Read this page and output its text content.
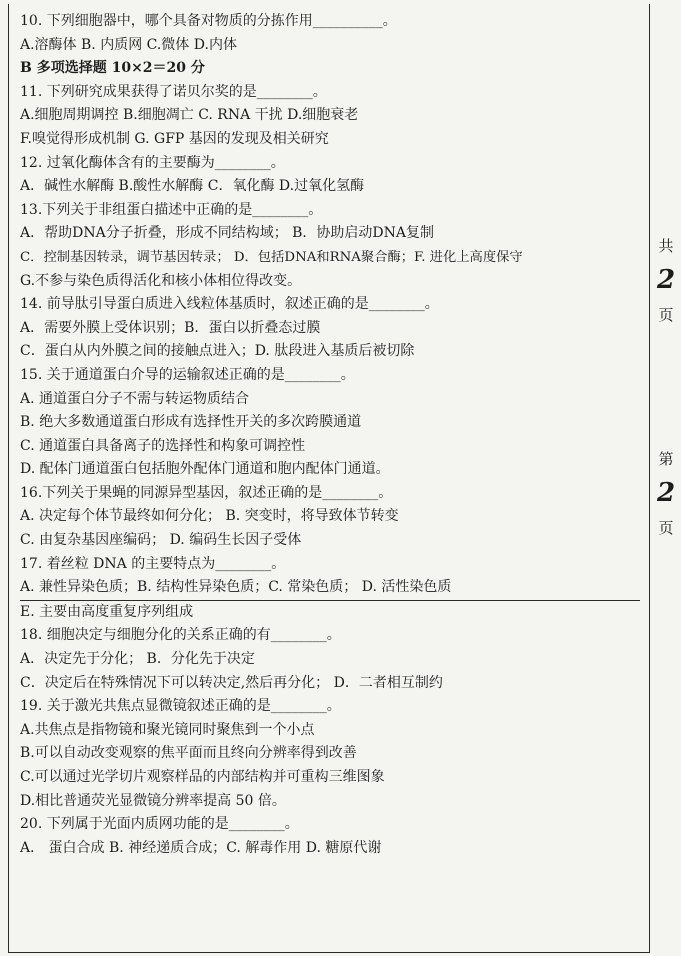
10. 下列细胞器中，哪个具备对物质的分拣作用__________。
A.溶酶体 B. 内质网 C.微体 D.内体
B 多项选择题 10×2＝20 分
11. 下列研究成果获得了诺贝尔奖的是________。
A.细胞周期调控 B.细胞凋亡 C. RNA 干扰 D.细胞衰老
F.嗅觉得形成机制 G. GFP 基因的发现及相关研究
12. 过氧化酶体含有的主要酶为________。
A．碱性水解酶 B.酸性水解酶 C．氧化酶 D.过氧化氢酶
13.下列关于非组蛋白描述中正确的是________。
A．帮助DNA分子折叠，形成不同结构域； B．协助启动DNA复制
C．控制基因转录，调节基因转录； D．包括DNA和RNA聚合酶；F. 进化上高度保守
G.不参与染色质得活化和核小体相位得改变。
14. 前导肽引导蛋白质进入线粒体基质时，叙述正确的是________。
A．需要外膜上受体识别；B．蛋白以折叠态过膜
C．蛋白从内外膜之间的接触点进入；D. 肽段进入基质后被切除
15. 关于通道蛋白介导的运输叙述正确的是________。
A. 通道蛋白分子不需与转运物质结合
B. 绝大多数通道蛋白形成有选择性开关的多次跨膜通道
C. 通道蛋白具备离子的选择性和构象可调控性
D. 配体门通道蛋白包括胞外配体门通道和胞内配体门通道。
16.下列关于果蝇的同源异型基因，叙述正确的是________。
A. 决定每个体节最终如何分化； B. 突变时，将导致体节转变
C. 由复杂基因座编码； D. 编码生长因子受体
17. 着丝粒 DNA 的主要特点为________。
A. 兼性异染色质；B. 结构性异染色质；C. 常染色质； D. 活性染色质
E. 主要由高度重复序列组成
18. 细胞决定与细胞分化的关系正确的有________。
A．决定先于分化； B．分化先于决定
C．决定后在特殊情况下可以转决定,然后再分化； D．二者相互制约
19. 关于激光共焦点显微镜叙述正确的是________。
A.共焦点是指物镜和聚光镜同时聚焦到一个小点
B.可以自动改变观察的焦平面而且终向分辨率得到改善
C.可以通过光学切片观察样品的内部结构并可重构三维图象
D.相比普通荧光显微镜分辨率提高 50 倍。
20. 下列属于光面内质网功能的是________。
A． 蛋白合成 B. 神经递质合成；C. 解毒作用 D. 糖原代谢
共
2
页
第
2
页
